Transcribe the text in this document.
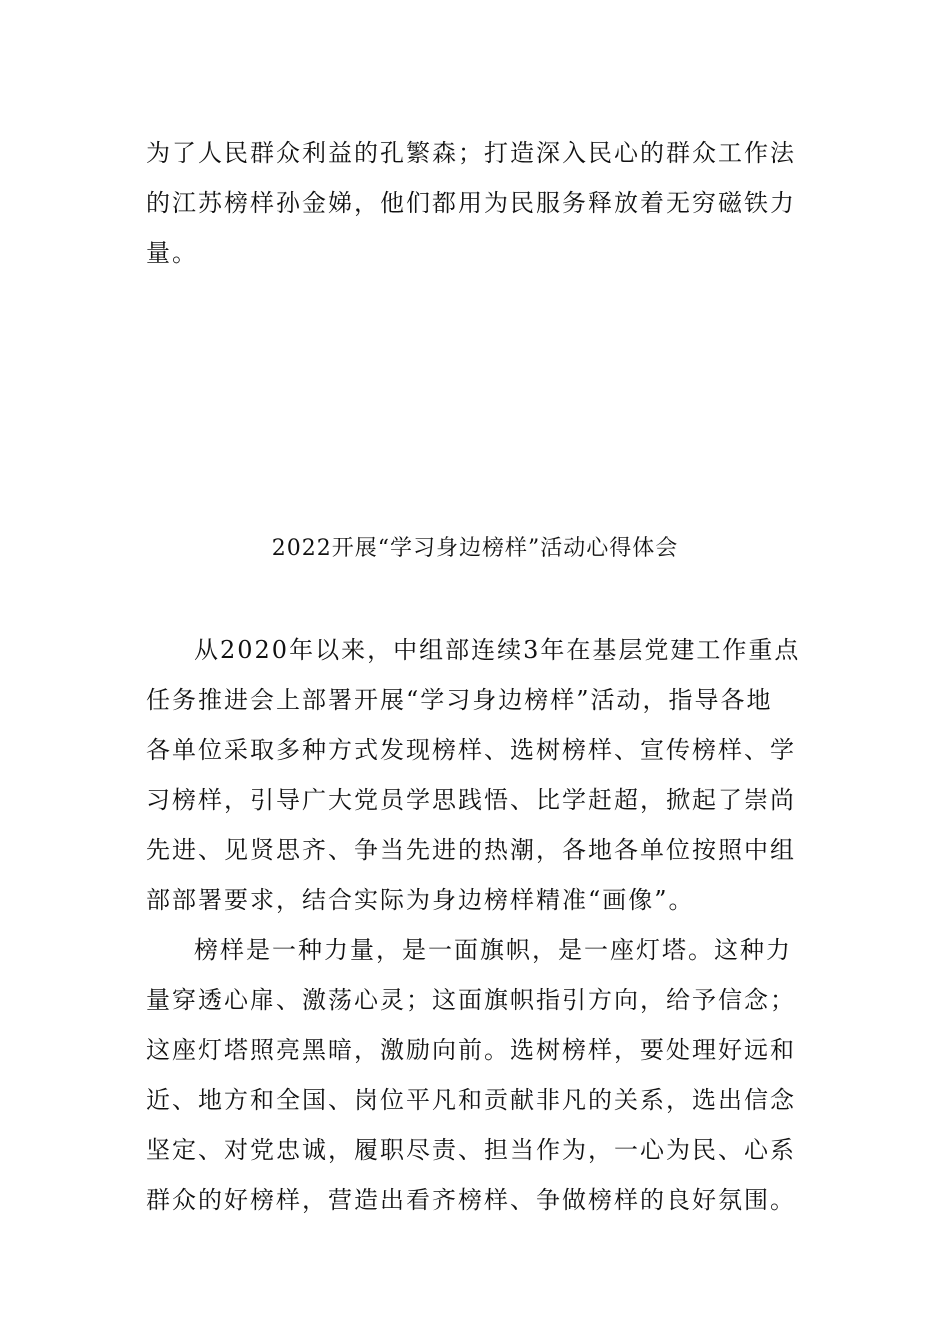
为了人民群众利益的孔繁森；打造深入民心的群众工作法
的江苏榜样孙金娣，他们都用为民服务释放着无穷磁铁力
量。
2022开展“学习身边榜样”活动心得体会
从2020年以来，中组部连续3年在基层党建工作重点
任务推进会上部署开展“学习身边榜样”活动，指导各地
各单位采取多种方式发现榜样、选树榜样、宣传榜样、学
习榜样，引导广大党员学思践悟、比学赶超，掀起了崇尚
先进、见贤思齐、争当先进的热潮，各地各单位按照中组
部部署要求，结合实际为身边榜样精准“画像”。
榜样是一种力量，是一面旗帜，是一座灯塔。这种力
量穿透心扉、激荡心灵；这面旗帜指引方向，给予信念；
这座灯塔照亮黑暗，激励向前。选树榜样，要处理好远和
近、地方和全国、岗位平凡和贡献非凡的关系，选出信念
坚定、对党忠诚，履职尽责、担当作为，一心为民、心系
群众的好榜样，营造出看齐榜样、争做榜样的良好氛围。
